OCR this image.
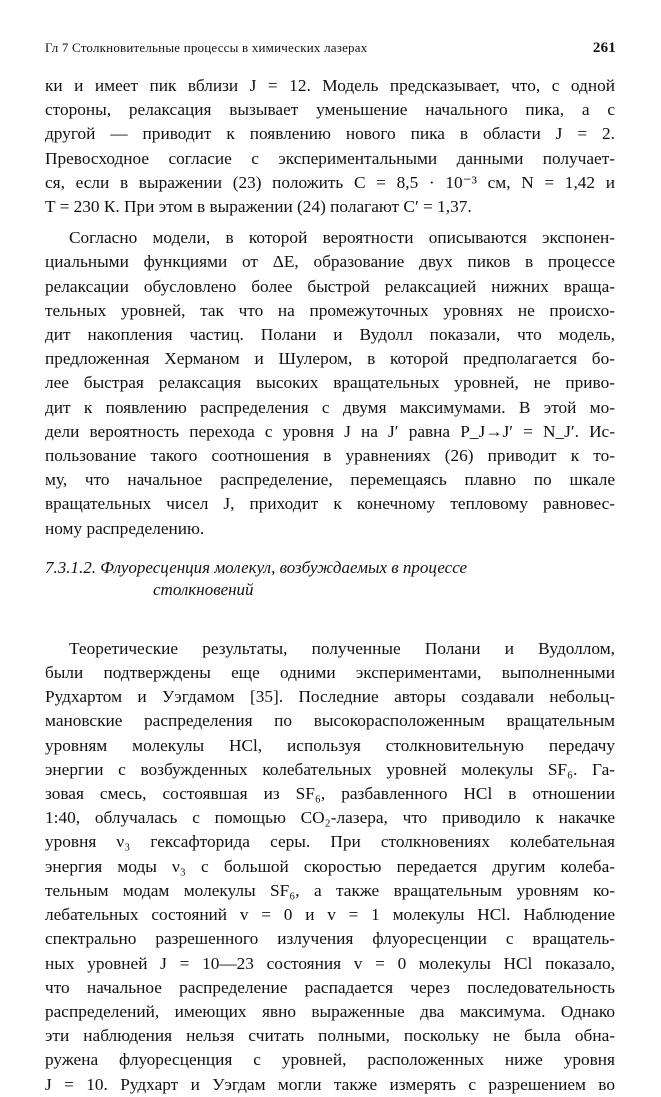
Гл 7 Столкновительные процессы в химических лазерах	261

ки и имеет пик вблизи J = 12. Модель предсказывает, что, с одной
стороны, релаксация вызывает уменьшение начального пика, а с
другой — приводит к появлению нового пика в области J = 2.
Превосходное согласие с экспериментальными данными получает-
ся, если в выражении (23) положить C = 8,5 · 10⁻³ см, N = 1,42 и
T = 230 К. При этом в выражении (24) полагают C′ = 1,37.

Согласно модели, в которой вероятности описываются экспонен-
циальными функциями от ΔE, образование двух пиков в процессе
релаксации обусловлено более быстрой релаксацией нижних враща-
тельных уровней, так что на промежуточных уровнях не происхо-
дит накопления частиц. Полани и Вудолл показали, что модель,
предложенная Херманом и Шулером, в которой предполагается бо-
лее быстрая релаксация высоких вращательных уровней, не приво-
дит к появлению распределения с двумя максимумами. В этой мо-
дели вероятность перехода с уровня J на J′ равна P_J→J′ = N_J′. Ис-
пользование такого соотношения в уравнениях (26) приводит к то-
му, что начальное распределение, перемещаясь плавно по шкале
вращательных чисел J, приходит к конечному тепловому равновес-
ному распределению.

7.3.1.2. Флуоресценция молекул, возбуждаемых в процессе
столкновений

Теоретические результаты, полученные Полани и Вудоллом,
были подтверждены еще одними экспериментами, выполненными
Рудхартом и Уэгдамом [35]. Последние авторы создавали небольц-
мановские распределения по высокорасположенным вращательным
уровням молекулы HCl, используя столкновительную передачу
энергии с возбужденных колебательных уровней молекулы SF₆. Га-
зовая смесь, состоявшая из SF₆, разбавленного HCl в отношении
1:40, облучалась с помощью CO₂-лазера, что приводило к накачке
уровня ν₃ гексафторида серы. При столкновениях колебательная
энергия моды ν₃ с большой скоростью передается другим колеба-
тельным модам молекулы SF₆, а также вращательным уровням ко-
лебательных состояний v = 0 и v = 1 молекулы HCl. Наблюдение
спектрально разрешенного излучения флуоресценции с вращатель-
ных уровней J = 10—23 состояния v = 0 молекулы HCl показало,
что начальное распределение распадается через последовательность
распределений, имеющих явно выраженные два максимума. Однако
эти наблюдения нельзя считать полными, поскольку не была обна-
ружена флуоресценция с уровней, расположенных ниже уровня
J = 10. Рудхарт и Уэгдам могли также измерять с разрешением во
